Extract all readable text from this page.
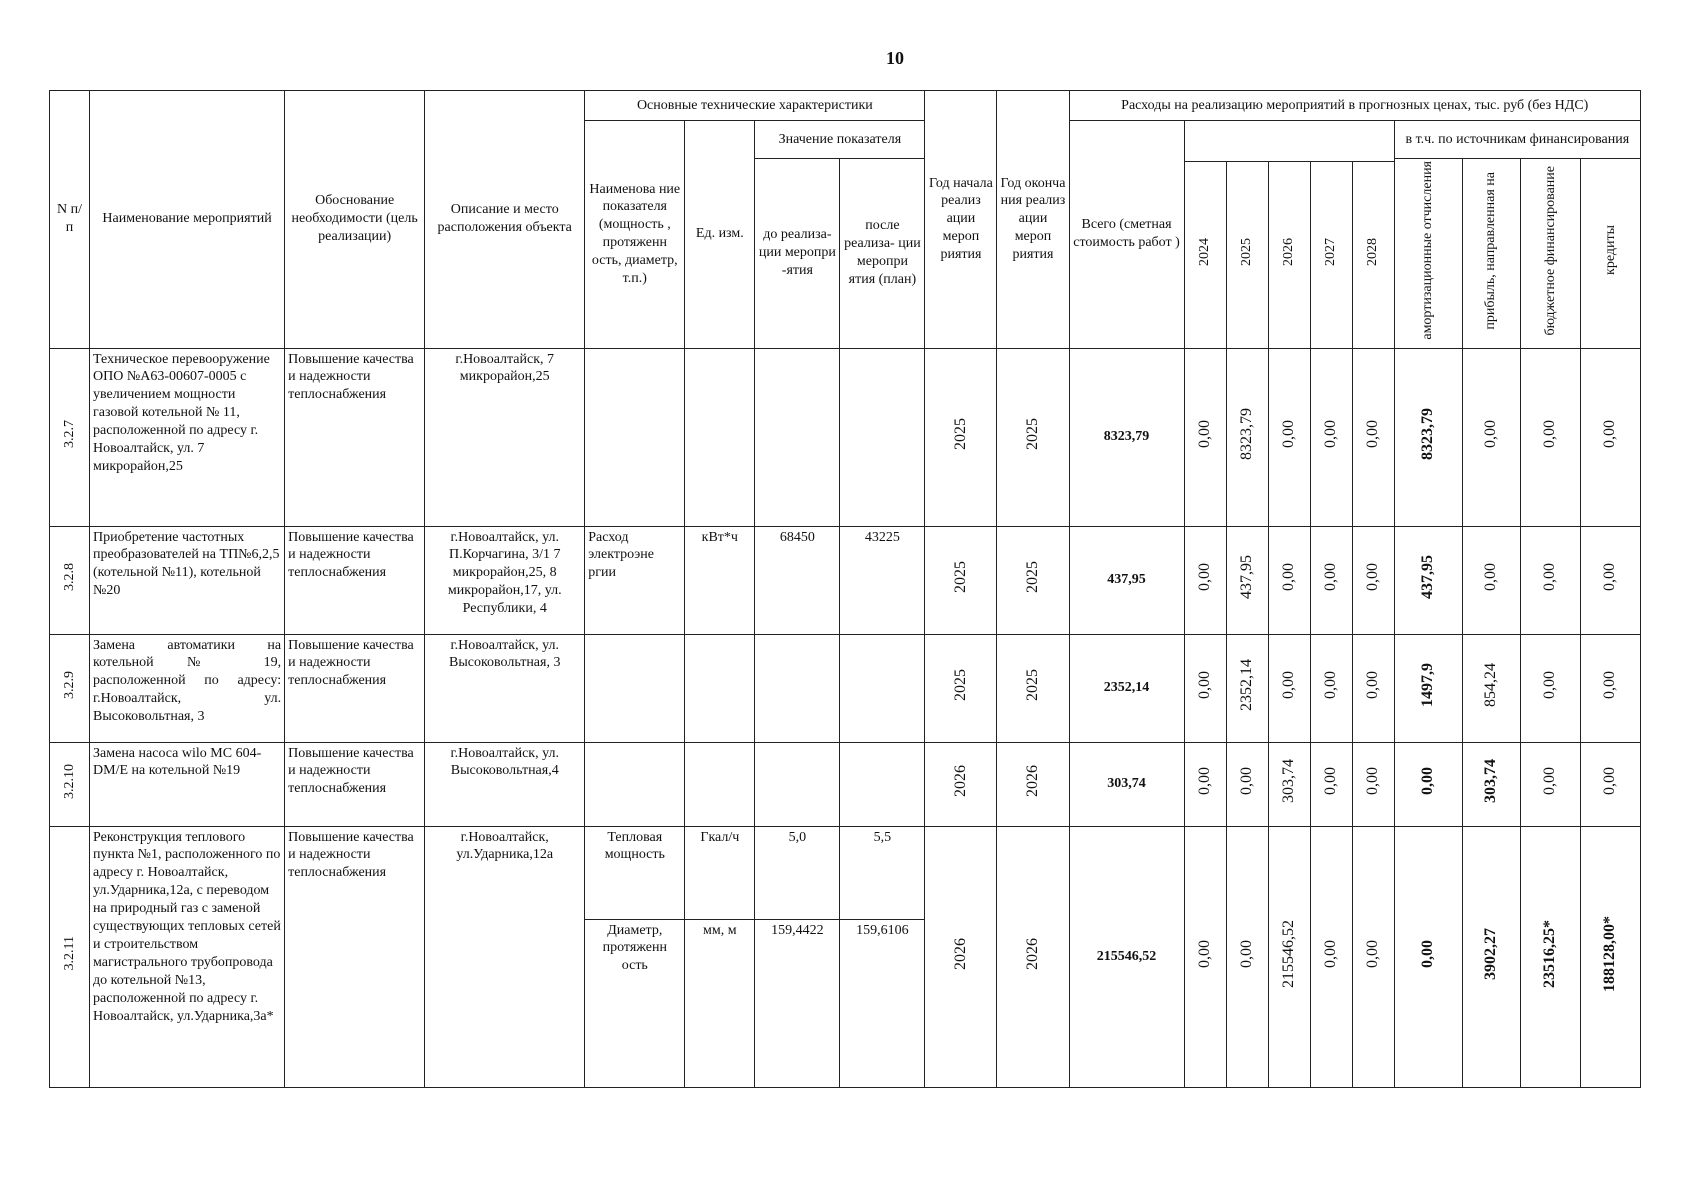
10
N п/ п	Наименование мероприятий	Обоснование необходимости (цель реализации)	Описание и место расположения объекта	Основные технические характеристики				Год начала реализ ации мероп риятия	Год оконча ния реализ ации мероп риятия	Расходы на реализацию мероприятий в прогнозных ценах, тыс. руб (без НДС)									
				Наименова ние показателя (мощность , протяженн ость, диаметр, т.п.)	Ед. изм.	Значение показателя				Всего (сметная стоимость работ )						в т.ч. по источникам финансирования			
						до реализа- ции меропри -ятия	после реализа- ции меропри ятия (план)									амортизационные отчисления	прибыль, направленная на	бюджетное финансирование	кредиты
											2024	2025	2026	2027	2028				
3.2.7	Техническое перевооружение ОПО №А63-00607-0005 с увеличением мощности газовой котельной № 11, расположенной по адресу г. Новоалтайск, ул. 7 микрорайон,25	Повышение качества и надежности теплоснабжения	г.Новоалтайск, 7 микрорайон,25					2025	2025	8323,79	0,00	8323,79	0,00	0,00	0,00	8323,79	0,00	0,00	0,00
3.2.8	Приобретение частотных преобразователей на ТП№6,2,5 (котельной №11), котельной №20	Повышение качества и надежности теплоснабжения	г.Новоалтайск, ул. П.Корчагина, 3/1 7 микрорайон,25, 8 микрорайон,17, ул. Республики, 4	Расход электроэне ргии	кВт*ч	68450	43225	2025	2025	437,95	0,00	437,95	0,00	0,00	0,00	437,95	0,00	0,00	0,00
3.2.9	Замена автоматики на котельной № 19, расположенной по адресу: г.Новоалтайск, ул. Высоковольтная, 3	Повышение качества и надежности теплоснабжения	г.Новоалтайск, ул. Высоковольтная, 3					2025	2025	2352,14	0,00	2352,14	0,00	0,00	0,00	1497,9	854,24	0,00	0,00
3.2.10	Замена насоса wilo МС 604-DM/E на котельной №19	Повышение качества и надежности теплоснабжения	г.Новоалтайск, ул. Высоковольтная,4					2026	2026	303,74	0,00	0,00	303,74	0,00	0,00	0,00	303,74	0,00	0,00
3.2.11	Реконструкция теплового пункта №1, расположенного по адресу г. Новоалтайск, ул.Ударника,12а, с переводом на природный газ с заменой существующих тепловых сетей и строительством магистрального трубопровода до котельной №13, расположенной по адресу г. Новоалтайск, ул.Ударника,3а*	Повышение качества и надежности теплоснабжения	г.Новоалтайск, ул.Ударника,12а	Тепловая мощность	Гкал/ч	5,0	5,5	2026	2026	215546,52	0,00	0,00	215546,52	0,00	0,00	0,00	3902,27	23516,25*	188128,00*
				Диаметр, протяженн ость	мм, м	159,4422	159,6106												
